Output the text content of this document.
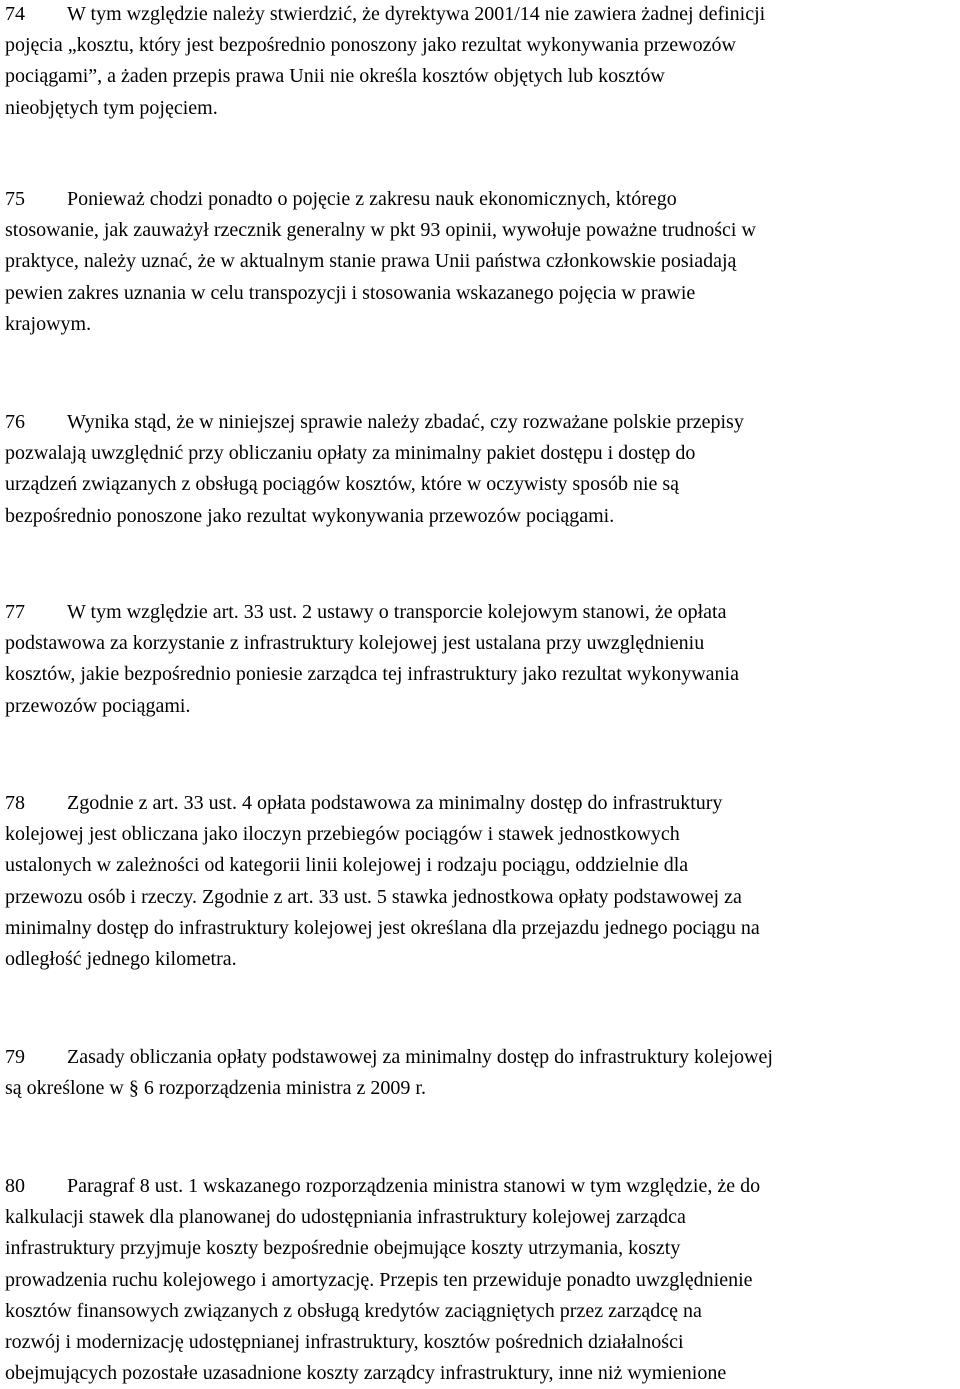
74 W tym względzie należy stwierdzić, że dyrektywa 2001/14 nie zawiera żadnej definicji
pojęcia „kosztu, który jest bezpośrednio ponoszony jako rezultat wykonywania przewozów
pociągami”, a żaden przepis prawa Unii nie określa kosztów objętych lub kosztów
nieobjętych tym pojęciem.
75 Ponieważ chodzi ponadto o pojęcie z zakresu nauk ekonomicznych, którego
stosowanie, jak zauważył rzecznik generalny w pkt 93 opinii, wywołuje poważne trudności w
praktyce, należy uznać, że w aktualnym stanie prawa Unii państwa członkowskie posiadają
pewien zakres uznania w celu transpozycji i stosowania wskazanego pojęcia w prawie
krajowym.
76 Wynika stąd, że w niniejszej sprawie należy zbadać, czy rozważane polskie przepisy
pozwalają uwzględnić przy obliczaniu opłaty za minimalny pakiet dostępu i dostęp do
urządzeń związanych z obsługą pociągów kosztów, które w oczywisty sposób nie są
bezpośrednio ponoszone jako rezultat wykonywania przewozów pociągami.
77 W tym względzie art. 33 ust. 2 ustawy o transporcie kolejowym stanowi, że opłata
podstawowa za korzystanie z infrastruktury kolejowej jest ustalana przy uwzględnieniu
kosztów, jakie bezpośrednio poniesie zarządca tej infrastruktury jako rezultat wykonywania
przewozów pociągami.
78 Zgodnie z art. 33 ust. 4 opłata podstawowa za minimalny dostęp do infrastruktury
kolejowej jest obliczana jako iloczyn przebiegów pociągów i stawek jednostkowych
ustalonych w zależności od kategorii linii kolejowej i rodzaju pociągu, oddzielnie dla
przewozu osób i rzeczy. Zgodnie z art. 33 ust. 5 stawka jednostkowa opłaty podstawowej za
minimalny dostęp do infrastruktury kolejowej jest określana dla przejazdu jednego pociągu na
odległość jednego kilometra.
79 Zasady obliczania opłaty podstawowej za minimalny dostęp do infrastruktury kolejowej
są określone w § 6 rozporządzenia ministra z 2009 r.
80 Paragraf 8 ust. 1 wskazanego rozporządzenia ministra stanowi w tym względzie, że do
kalkulacji stawek dla planowanej do udostępniania infrastruktury kolejowej zarządca
infrastruktury przyjmuje koszty bezpośrednie obejmujące koszty utrzymania, koszty
prowadzenia ruchu kolejowego i amortyzację. Przepis ten przewiduje ponadto uwzględnienie
kosztów finansowych związanych z obsługą kredytów zaciągniętych przez zarządcę na
rozwój i modernizację udostępnianej infrastruktury, kosztów pośrednich działalności
obejmujących pozostałe uzasadnione koszty zarządcy infrastruktury, inne niż wymienione
